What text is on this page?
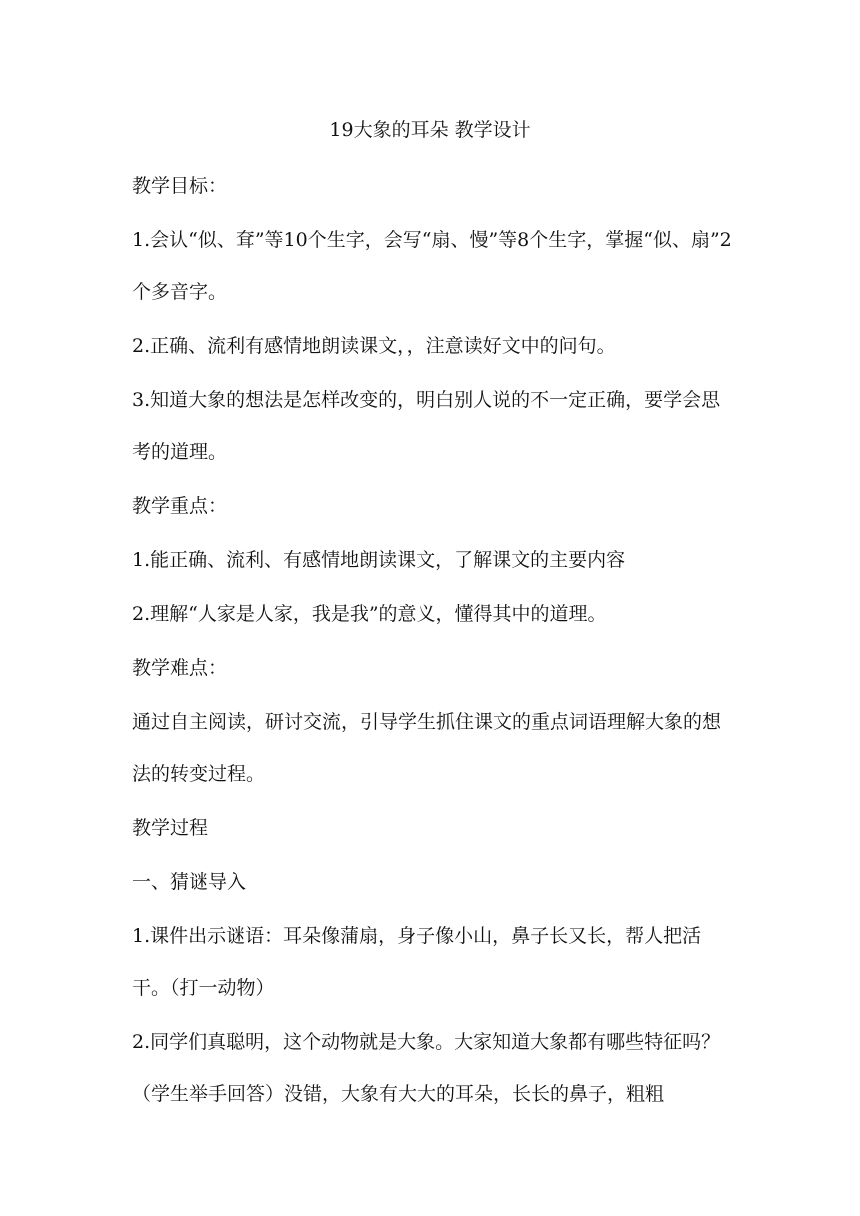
19大象的耳朵 教学设计

教学目标：

1.会认“似、耷”等10个生字，会写“扇、慢”等8个生字，掌握“似、扇”2个多音字。

2.正确、流利有感情地朗读课文，，注意读好文中的问句。

3.知道大象的想法是怎样改变的，明白别人说的不一定正确，要学会思考的道理。

教学重点：

1.能正确、流利、有感情地朗读课文，了解课文的主要内容

2.理解“人家是人家，我是我”的意义，懂得其中的道理。

教学难点：

通过自主阅读，研讨交流，引导学生抓住课文的重点词语理解大象的想法的转变过程。

教学过程

一、猜谜导入

1.课件出示谜语：耳朵像蒲扇，身子像小山，鼻子长又长，帮人把活干。（打一动物）

2.同学们真聪明，这个动物就是大象。大家知道大象都有哪些特征吗？（学生举手回答）没错，大象有大大的耳朵，长长的鼻子，粗粗
